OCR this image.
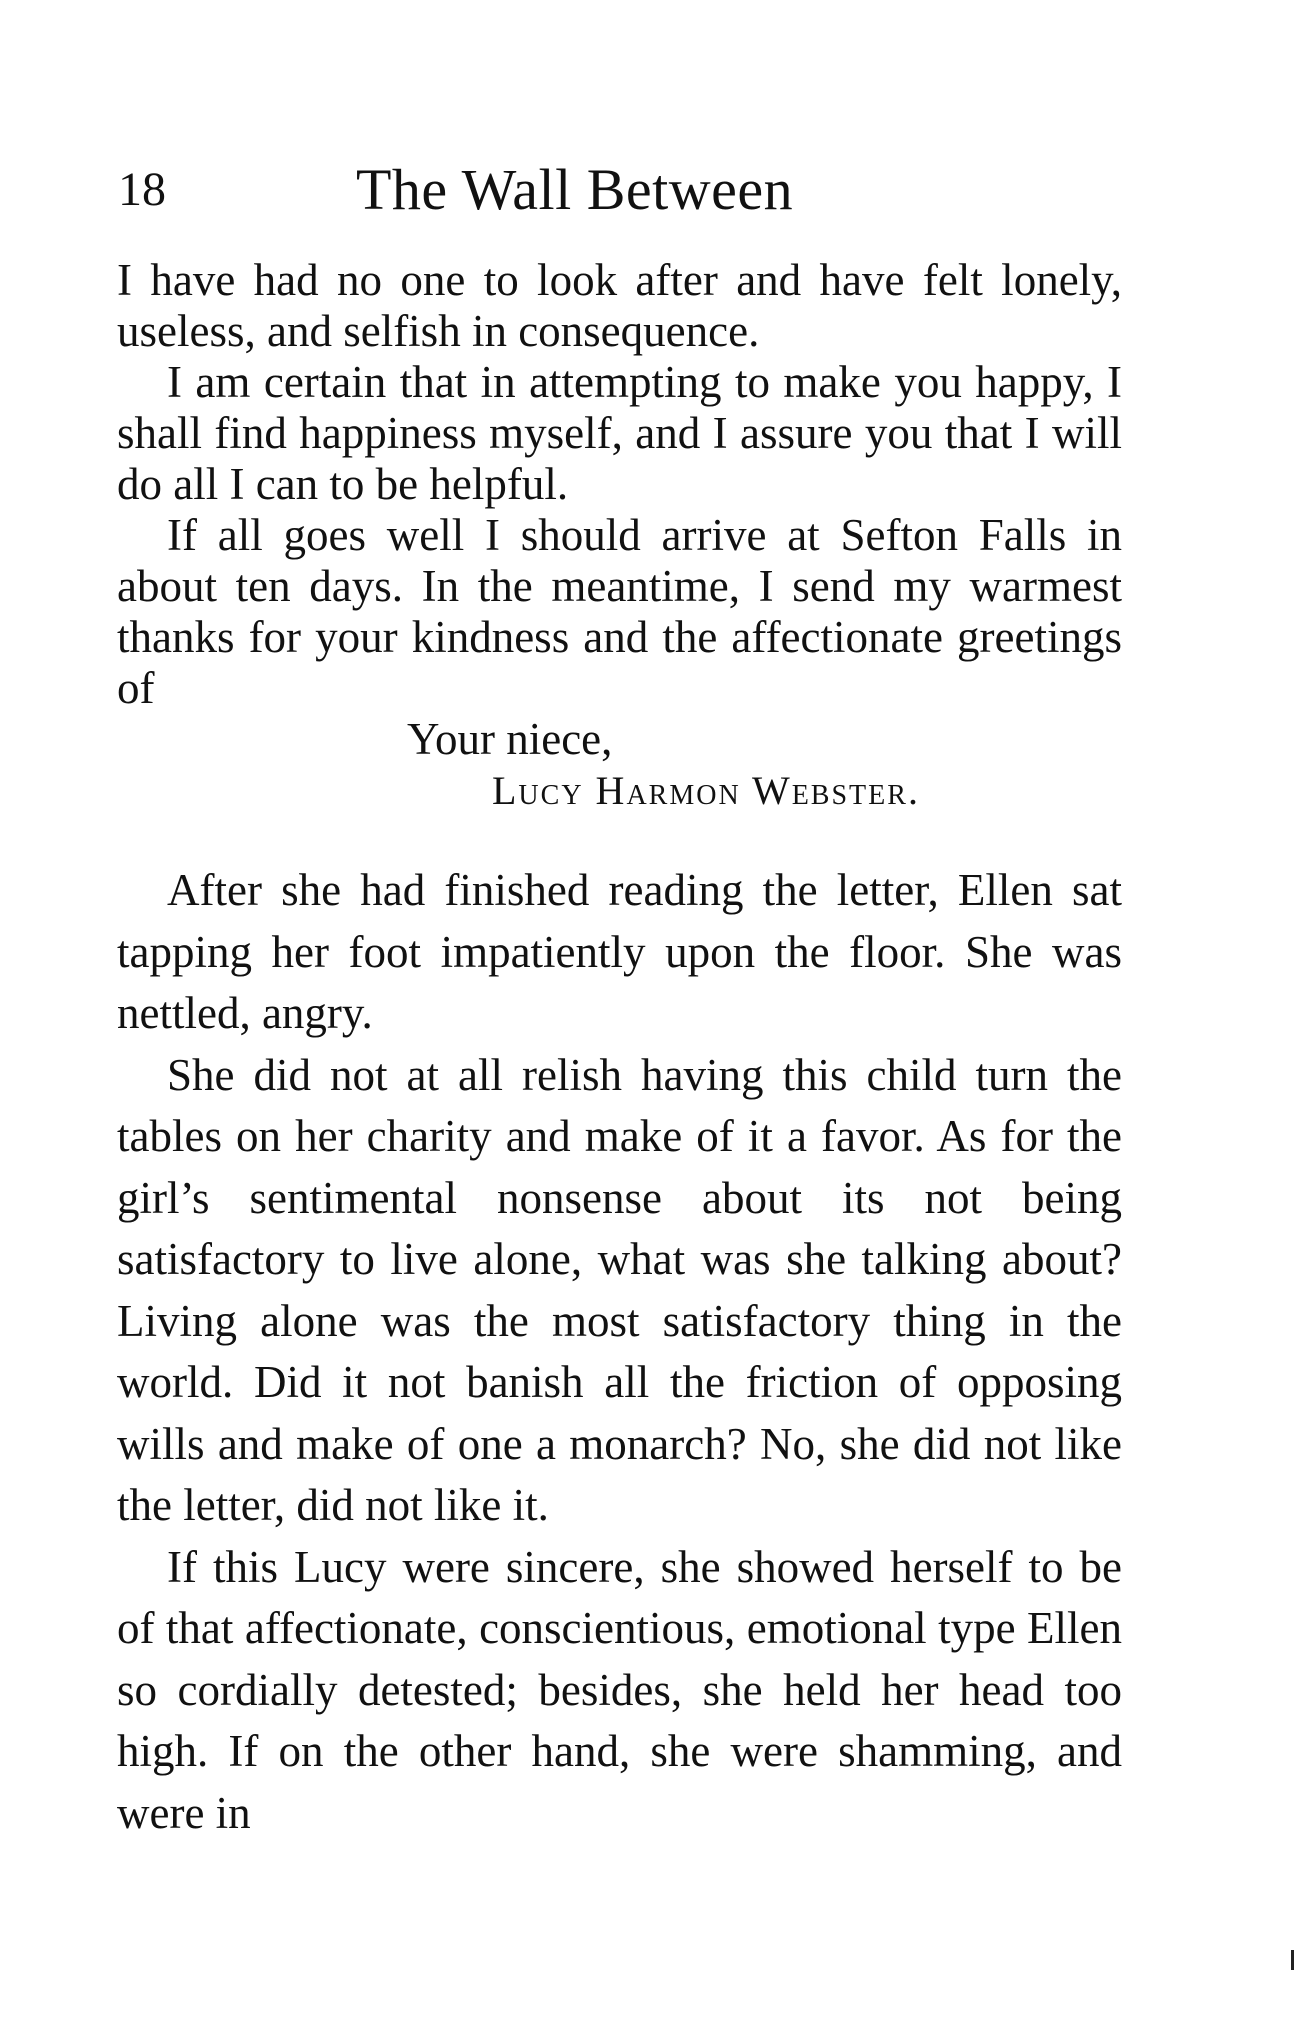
18	The Wall Between

I have had no one to look after and have felt lonely, useless, and selfish in consequence.

I am certain that in attempting to make you happy, I shall find happiness myself, and I assure you that I will do all I can to be helpful.

If all goes well I should arrive at Sefton Falls in about ten days. In the meantime, I send my warmest thanks for your kindness and the affectionate greetings of

Your niece,

Lucy Harmon Webster.

After she had finished reading the letter, Ellen sat tapping her foot impatiently upon the floor. She was nettled, angry.

She did not at all relish having this child turn the tables on her charity and make of it a favor. As for the girl’s sentimental nonsense about its not being satisfactory to live alone, what was she talking about? Living alone was the most satisfactory thing in the world. Did it not banish all the friction of opposing wills and make of one a monarch? No, she did not like the letter, did not like it.

If this Lucy were sincere, she showed herself to be of that affectionate, conscientious, emotional type Ellen so cordially detested; besides, she held her head too high. If on the other hand, she were shamming, and were in
